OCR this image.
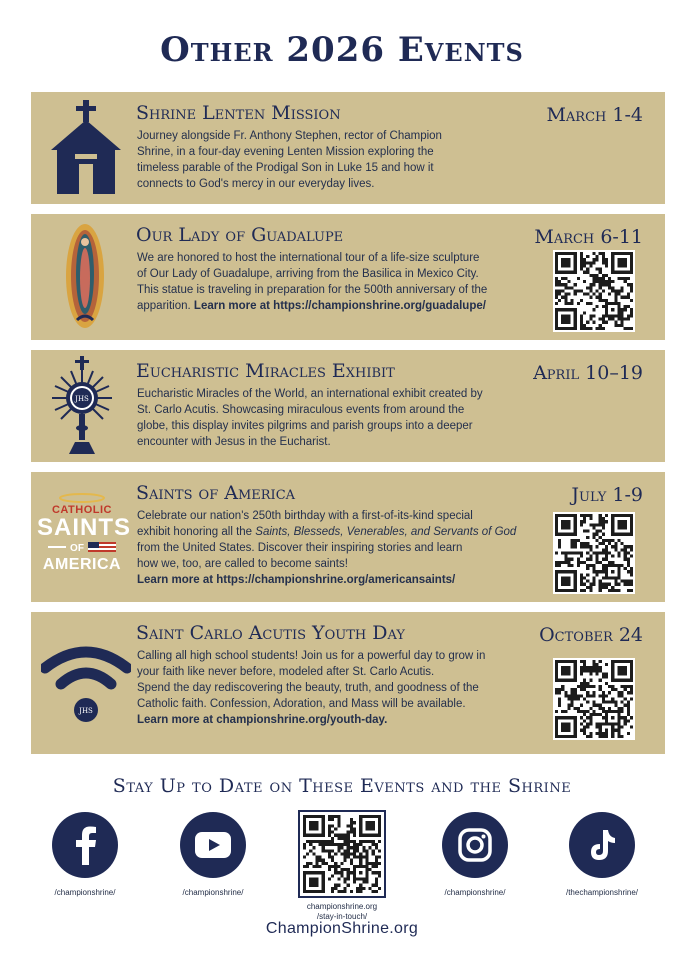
Other 2026 Events
Shrine Lenten Mission	March 1-4

Journey alongside Fr. Anthony Stephen, rector of Champion
Shrine, in a four-day evening Lenten Mission exploring the
timeless parable of the Prodigal Son in Luke 15 and how it
connects to God's mercy in our everyday lives.

Our Lady of Guadalupe	March 6-11

We are honored to host the international tour of a life-size sculpture
of Our Lady of Guadalupe, arriving from the Basilica in Mexico City.
This statue is traveling in preparation for the 500th anniversary of the
apparition. Learn more at https://championshrine.org/guadalupe/

JHS
Eucharistic Miracles Exhibit	April 10–19

Eucharistic Miracles of the World, an international exhibit created by
St. Carlo Acutis. Showcasing miraculous events from around the
globe, this display invites pilgrims and parish groups into a deeper
encounter with Jesus in the Eucharist.

CATHOLIC
SAINTS
OF
AMERICA
Saints of America	July 1-9

Celebrate our nation's 250th birthday with a first-of-its-kind special
exhibit honoring all the Saints, Blesseds, Venerables, and Servants of God
from the United States. Discover their inspiring stories and learn
how we, too, are called to become saints!
Learn more at https://championshrine.org/americansaints/

JHS
Saint Carlo Acutis Youth Day	October 24

Calling all high school students! Join us for a powerful day to grow in
your faith like never before, modeled after St. Carlo Acutis.
Spend the day rediscovering the beauty, truth, and goodness of the
Catholic faith. Confession, Adoration, and Mass will be available.
Learn more at championshrine.org/youth-day.

Stay Up to Date on These Events and the Shrine
/championshrine/	/championshrine/
championshrine.org
/stay-in-touch/
/championshrine/	/thechampionshrine/
ChampionShrine.org
